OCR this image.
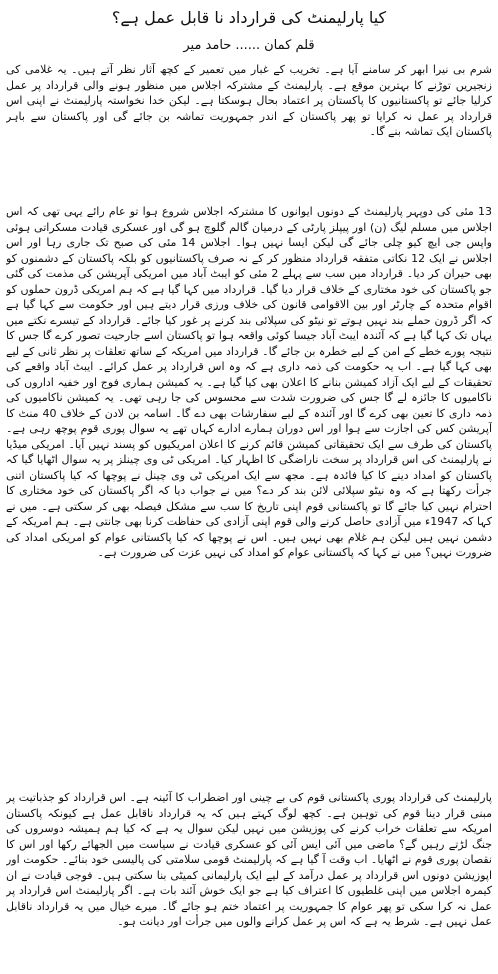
کیا پارلیمنٹ کی قرارداد نا قابل عمل ہے؟
قلم کمان......حامد میر

شرم بی نیرا ابھر کر سامنے آیا ہے۔ تخریب کے غبار میں تعمیر کے کچھ آثار نظر آتے ہیں۔ یہ غلامی کی زنجیریں توڑنے کا بہترین موقع ہے۔ پارلیمنٹ کے مشترکہ اجلاس میں منظور ہونے والی قرارداد پر عمل کرلیا جائے تو پاکستانیوں کا پاکستان پر اعتماد بحال ہوسکتا ہے۔ لیکن خدا نخواستہ پارلیمنٹ نے اپنی اس قرارداد پر عمل نہ کرایا تو پھر پاکستان کے اندر جمہوریت تماشہ بن جائے گی اور پاکستان سے باہر پاکستان ایک تماشہ بنے گا۔

13 مئی کی دوپہر پارلیمنٹ کے دونوں ایوانوں کا مشترکہ اجلاس شروع ہوا تو عام رائے یہی تھی کہ اس اجلاس میں مسلم لیگ (ن) اور پیپلز پارٹی کے درمیان گالم گلوچ ہو گی اور عسکری قیادت مسکراتی ہوئی واپس جی ایچ کیو چلی جائے گی لیکن ایسا نہیں ہوا۔ اجلاس 14 مئی کی صبح تک جاری رہا اور اس اجلاس نے ایک 12 نکاتی متفقہ قرارداد منظور کر کے نہ صرف پاکستانیوں کو بلکہ پاکستان کے دشمنوں کو بھی حیران کر دیا۔ قرارداد میں سب سے پہلے 2 مئی کو ایبٹ آباد میں امریکی آپریشن کی مذمت کی گئی جو پاکستان کی خود مختاری کے خلاف قرار دیا گیا۔ قرارداد میں کہا گیا ہے کہ ہم امریکی ڈرون حملوں کو اقوام متحدہ کے چارٹر اور بین الاقوامی قانون کی خلاف ورزی قرار دیتے ہیں اور حکومت سے کہا گیا ہے کہ اگر ڈرون حملے بند نہیں ہوتے تو نیٹو کی سپلائی بند کرنے پر غور کیا جائے۔ قرارداد کے تیسرے نکتے میں یہاں تک کہا گیا ہے کہ آئندہ ایبٹ آباد جیسا کوئی واقعہ ہوا تو پاکستان اسے جارحیت تصور کرے گا جس کا نتیجہ پورے خطے کے امن کے لیے خطرہ بن جائے گا۔ قرارداد میں امریکہ کے ساتھ تعلقات پر نظر ثانی کے لیے بھی کہا گیا ہے۔ اب یہ حکومت کی ذمہ داری ہے کہ وہ اس قرارداد پر عمل کرائے۔ ایبٹ آباد واقعے کی تحقیقات کے لیے ایک آزاد کمیشن بنانے کا اعلان بھی کیا گیا ہے۔ یہ کمیشن ہماری فوج اور خفیہ اداروں کی ناکامیوں کا جائزہ لے گا جس کی ضرورت شدت سے محسوس کی جا رہی تھی۔ یہ کمیشن ناکامیوں کی ذمہ داری کا تعین بھی کرے گا اور آئندہ کے لیے سفارشات بھی دے گا۔ اسامہ بن لادن کے خلاف 40 منٹ کا آپریشن کس کی اجازت سے ہوا اور اس دوران ہمارے ادارے کہاں تھے یہ سوال پوری قوم پوچھ رہی ہے۔ پاکستان کی طرف سے ایک تحقیقاتی کمیشن قائم کرنے کا اعلان امریکیوں کو پسند نہیں آیا۔ امریکی میڈیا نے پارلیمنٹ کی اس قرارداد پر سخت ناراضگی کا اظہار کیا۔ امریکی ٹی وی چینلز پر یہ سوال اٹھایا گیا کہ پاکستان کو امداد دینے کا کیا فائدہ ہے۔ مجھ سے ایک امریکی ٹی وی چینل نے پوچھا کہ کیا پاکستان اتنی جرأت رکھتا ہے کہ وہ نیٹو سپلائی لائن بند کر دے؟ میں نے جواب دیا کہ اگر پاکستان کی خود مختاری کا احترام نہیں کیا جائے گا تو پاکستانی قوم اپنی تاریخ کا سب سے مشکل فیصلہ بھی کر سکتی ہے۔ میں نے کہا کہ 1947ء میں آزادی حاصل کرنے والی قوم اپنی آزادی کی حفاظت کرنا بھی جانتی ہے۔ ہم امریکہ کے دشمن نہیں ہیں لیکن ہم غلام بھی نہیں ہیں۔ اس نے پوچھا کہ کیا پاکستانی عوام کو امریکی امداد کی ضرورت نہیں؟ میں نے کہا کہ پاکستانی عوام کو امداد کی نہیں عزت کی ضرورت ہے۔

پارلیمنٹ کی قرارداد پوری پاکستانی قوم کی بے چینی اور اضطراب کا آئینہ ہے۔ اس قرارداد کو جذباتیت پر مبنی قرار دینا قوم کی توہین ہے۔ کچھ لوگ کہتے ہیں کہ یہ قرارداد ناقابل عمل ہے کیونکہ پاکستان امریکہ سے تعلقات خراب کرنے کی پوزیشن میں نہیں لیکن سوال یہ ہے کہ کیا ہم ہمیشہ دوسروں کی جنگ لڑتے رہیں گے؟ ماضی میں آئی ایس آئی کو عسکری قیادت نے سیاست میں الجھائے رکھا اور اس کا نقصان پوری قوم نے اٹھایا۔ اب وقت آ گیا ہے کہ پارلیمنٹ قومی سلامتی کی پالیسی خود بنائے۔ حکومت اور اپوزیشن دونوں اس قرارداد پر عمل درآمد کے لیے ایک پارلیمانی کمیٹی بنا سکتی ہیں۔ فوجی قیادت نے ان کیمرہ اجلاس میں اپنی غلطیوں کا اعتراف کیا ہے جو ایک خوش آئند بات ہے۔ اگر پارلیمنٹ اس قرارداد پر عمل نہ کرا سکی تو پھر عوام کا جمہوریت پر اعتماد ختم ہو جائے گا۔ میرے خیال میں یہ قرارداد ناقابل عمل نہیں ہے۔ شرط یہ ہے کہ اس پر عمل کرانے والوں میں جرأت اور دیانت ہو۔
